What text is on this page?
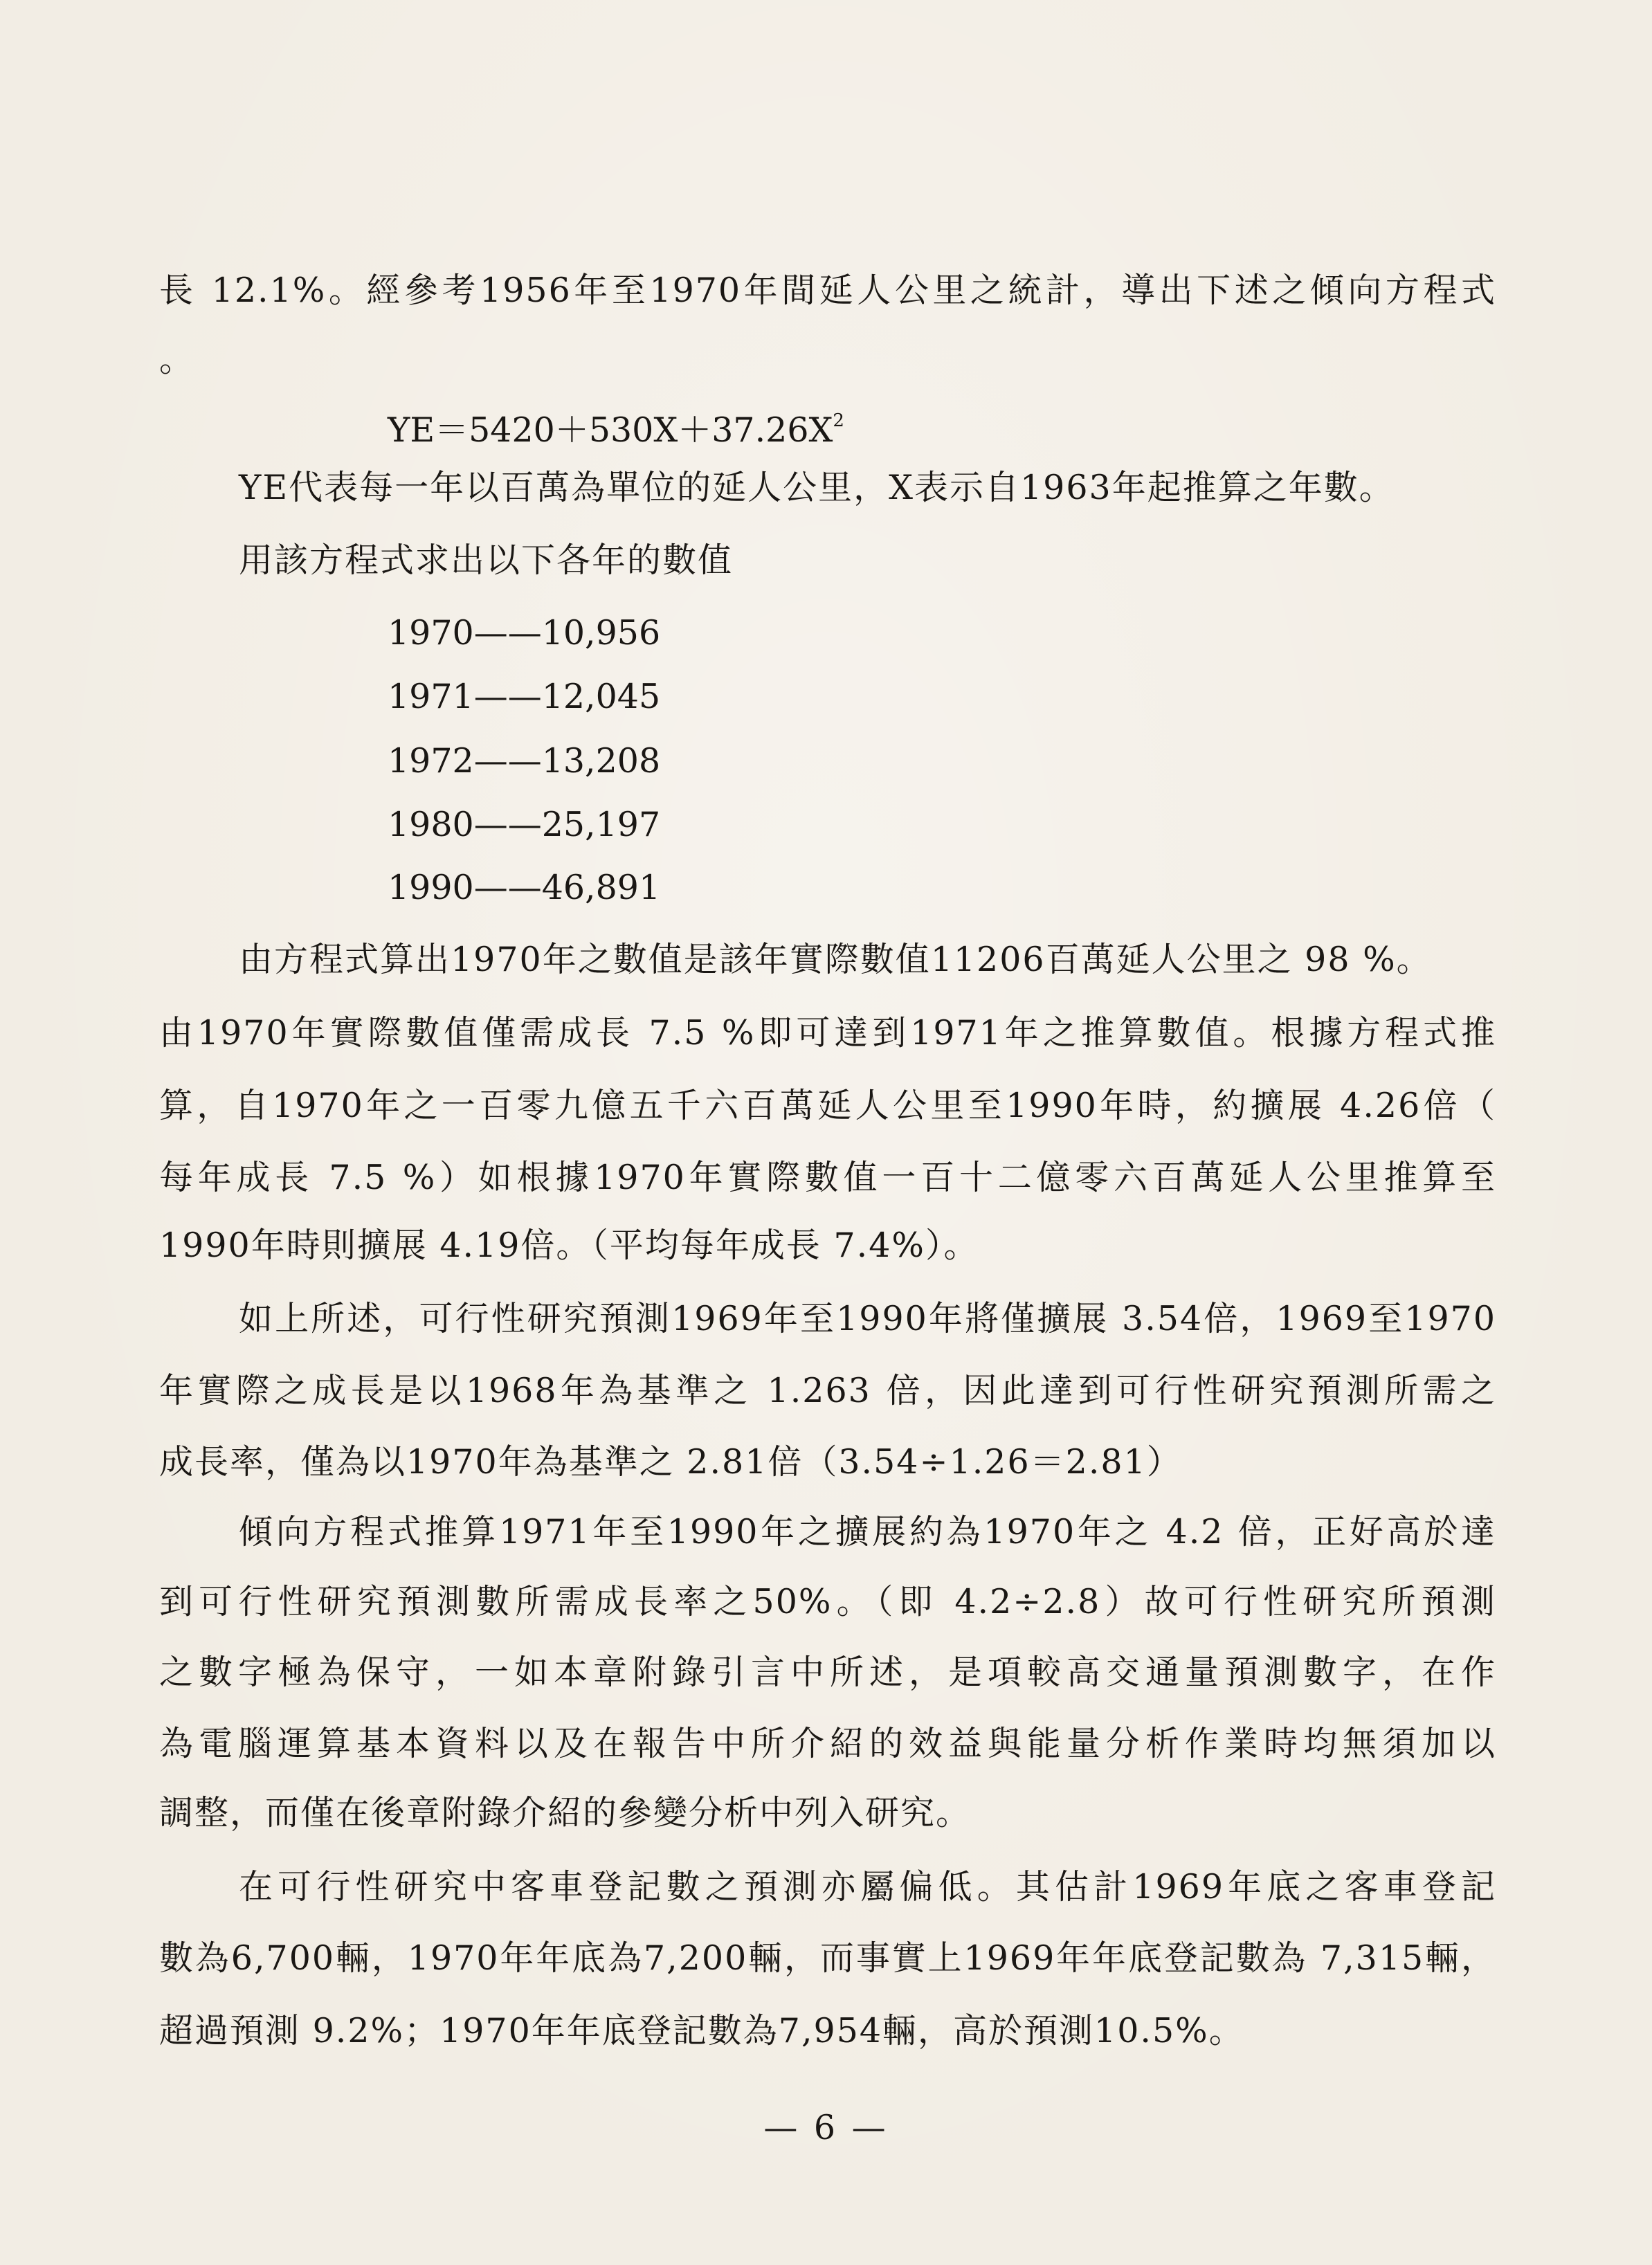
長 12.1%。經參考1956年至1970年間延人公里之統計，導出下述之傾向方程式
。
$YE=5420+530X+37.26X^2$
YE代表每一年以百萬為單位的延人公里，X表示自1963年起推算之年數。
用該方程式求出以下各年的數值
1970——10,956
1971——12,045
1972——13,208
1980——25,197
1990——46,891
由方程式算出1970年之數值是該年實際數值11206百萬延人公里之 98 %。
由1970年實際數值僅需成長 7.5 %即可達到1971年之推算數值。根據方程式推
算，自1970年之一百零九億五千六百萬延人公里至1990年時，約擴展 4.26倍（
每年成長 7.5 %）如根據1970年實際數值一百十二億零六百萬延人公里推算至
1990年時則擴展 4.19倍。（平均每年成長 7.4%）。
如上所述，可行性研究預測1969年至1990年將僅擴展 3.54倍，1969至1970
年實際之成長是以1968年為基準之 1.263 倍，因此達到可行性研究預測所需之
成長率，僅為以1970年為基準之 2.81倍（3.54÷1.26＝2.81）
傾向方程式推算1971年至1990年之擴展約為1970年之 4.2 倍，正好高於達
到可行性研究預測數所需成長率之50%。（即 4.2÷2.8）故可行性研究所預測
之數字極為保守，一如本章附錄引言中所述，是項較高交通量預測數字，在作
為電腦運算基本資料以及在報告中所介紹的效益與能量分析作業時均無須加以
調整，而僅在後章附錄介紹的參變分析中列入研究。
在可行性研究中客車登記數之預測亦屬偏低。其估計1969年底之客車登記
數為6,700輛，1970年年底為7,200輛，而事實上1969年年底登記數為 7,315輛，
超過預測 9.2%；1970年年底登記數為7,954輛，高於預測10.5%。
— 6 —
